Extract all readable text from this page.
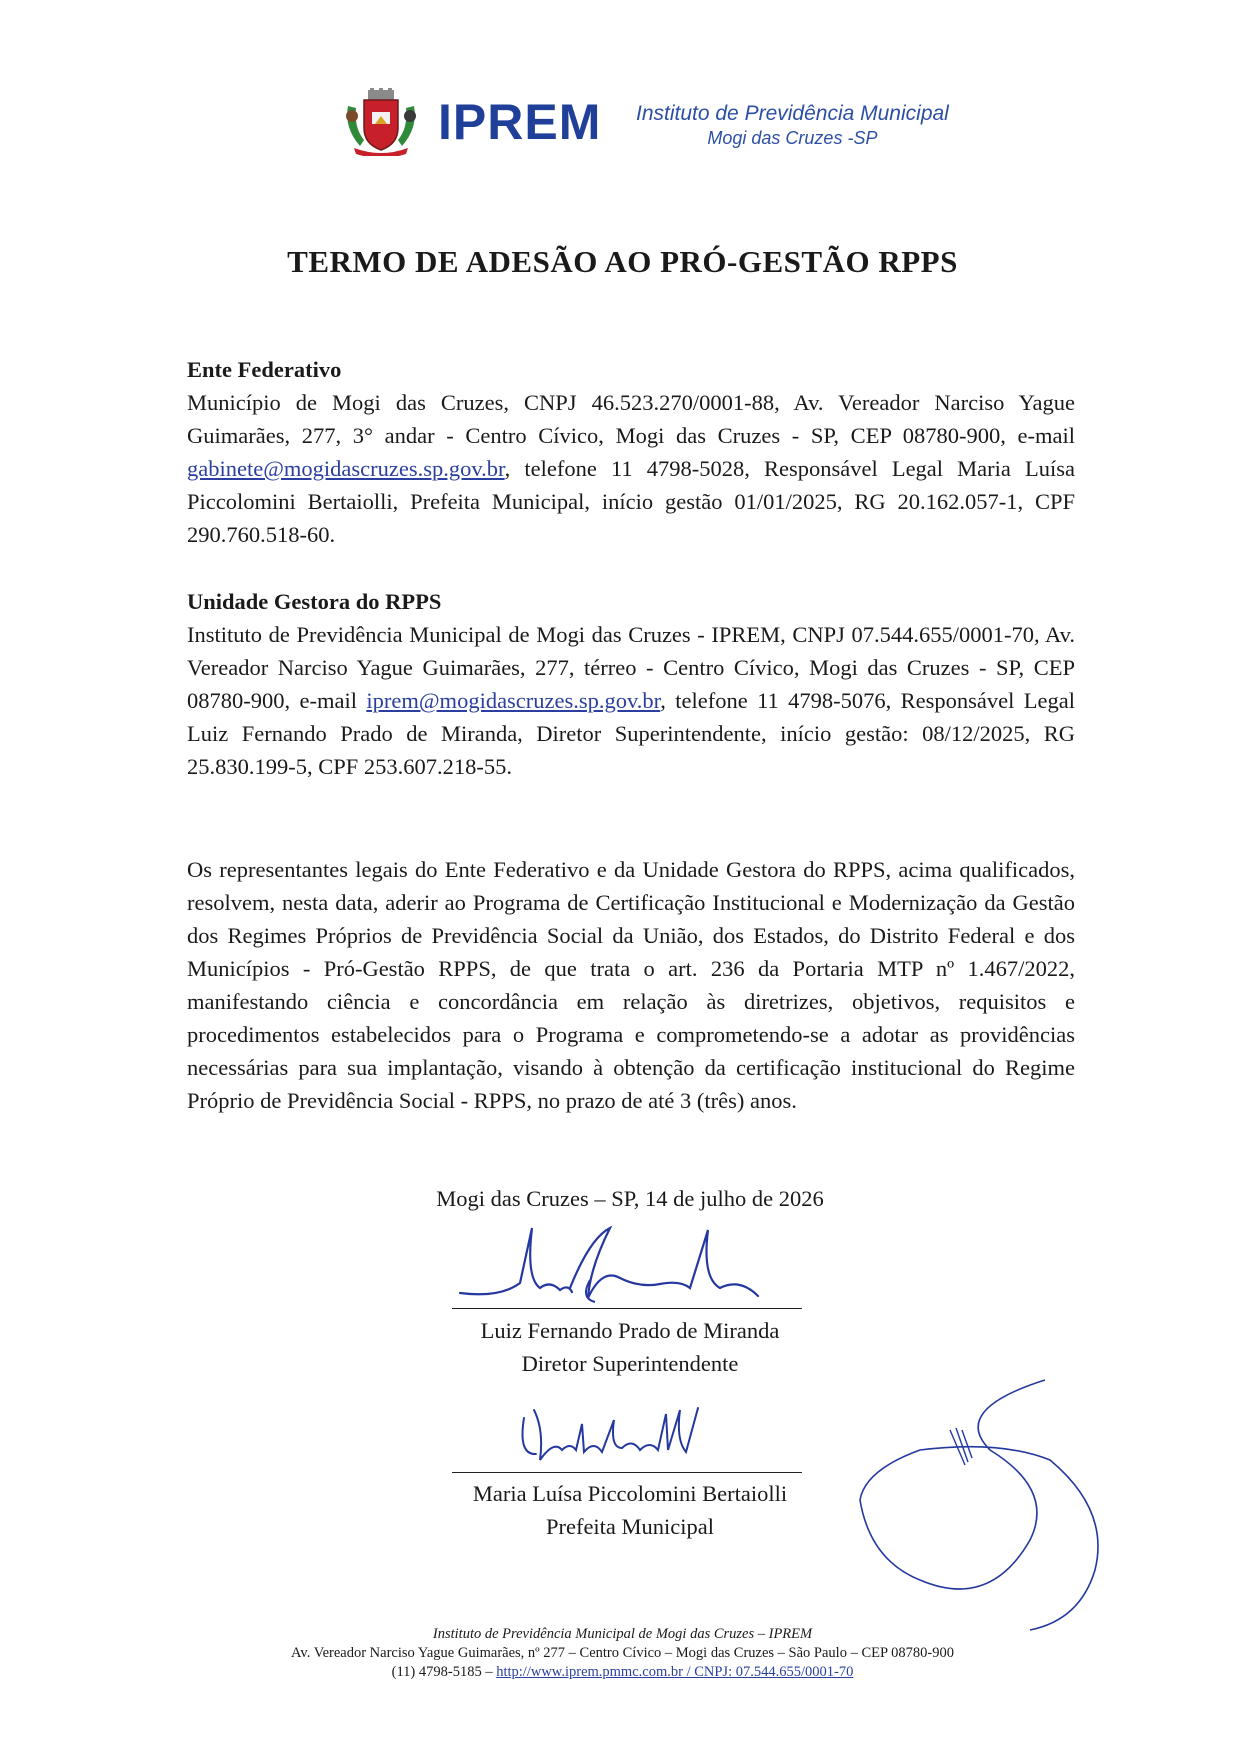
IPREM Instituto de Previdência Municipal
Mogi das Cruzes -SP
TERMO DE ADESÃO AO PRÓ-GESTÃO RPPS

Ente Federativo

Município de Mogi das Cruzes, CNPJ 46.523.270/0001-88, Av. Vereador Narciso Yague Guimarães, 277, 3° andar - Centro Cívico, Mogi das Cruzes - SP, CEP 08780-900, e-mail gabinete@mogidascruzes.sp.gov.br, telefone 11 4798-5028, Responsável Legal Maria Luísa Piccolomini Bertaiolli, Prefeita Municipal, início gestão 01/01/2025, RG 20.162.057-1, CPF 290.760.518-60.

Unidade Gestora do RPPS

Instituto de Previdência Municipal de Mogi das Cruzes - IPREM, CNPJ 07.544.655/0001-70, Av. Vereador Narciso Yague Guimarães, 277, térreo - Centro Cívico, Mogi das Cruzes - SP, CEP 08780-900, e-mail iprem@mogidascruzes.sp.gov.br, telefone 11 4798-5076, Responsável Legal Luiz Fernando Prado de Miranda, Diretor Superintendente, início gestão: 08/12/2025, RG 25.830.199-5, CPF 253.607.218-55.

Os representantes legais do Ente Federativo e da Unidade Gestora do RPPS, acima qualificados, resolvem, nesta data, aderir ao Programa de Certificação Institucional e Modernização da Gestão dos Regimes Próprios de Previdência Social da União, dos Estados, do Distrito Federal e dos Municípios - Pró-Gestão RPPS, de que trata o art. 236 da Portaria MTP nº 1.467/2022, manifestando ciência e concordância em relação às diretrizes, objetivos, requisitos e procedimentos estabelecidos para o Programa e comprometendo-se a adotar as providências necessárias para sua implantação, visando à obtenção da certificação institucional do Regime Próprio de Previdência Social - RPPS, no prazo de até 3 (três) anos.

Mogi das Cruzes – SP, 14 de julho de 2026
Luiz Fernando Prado de Miranda
Diretor Superintendente
Maria Luísa Piccolomini Bertaiolli
Prefeita Municipal
Instituto de Previdência Municipal de Mogi das Cruzes – IPREM
Av. Vereador Narciso Yague Guimarães, nº 277 – Centro Cívico – Mogi das Cruzes – São Paulo – CEP 08780-900
(11) 4798-5185 – http://www.iprem.pmmc.com.br / CNPJ: 07.544.655/0001-70
